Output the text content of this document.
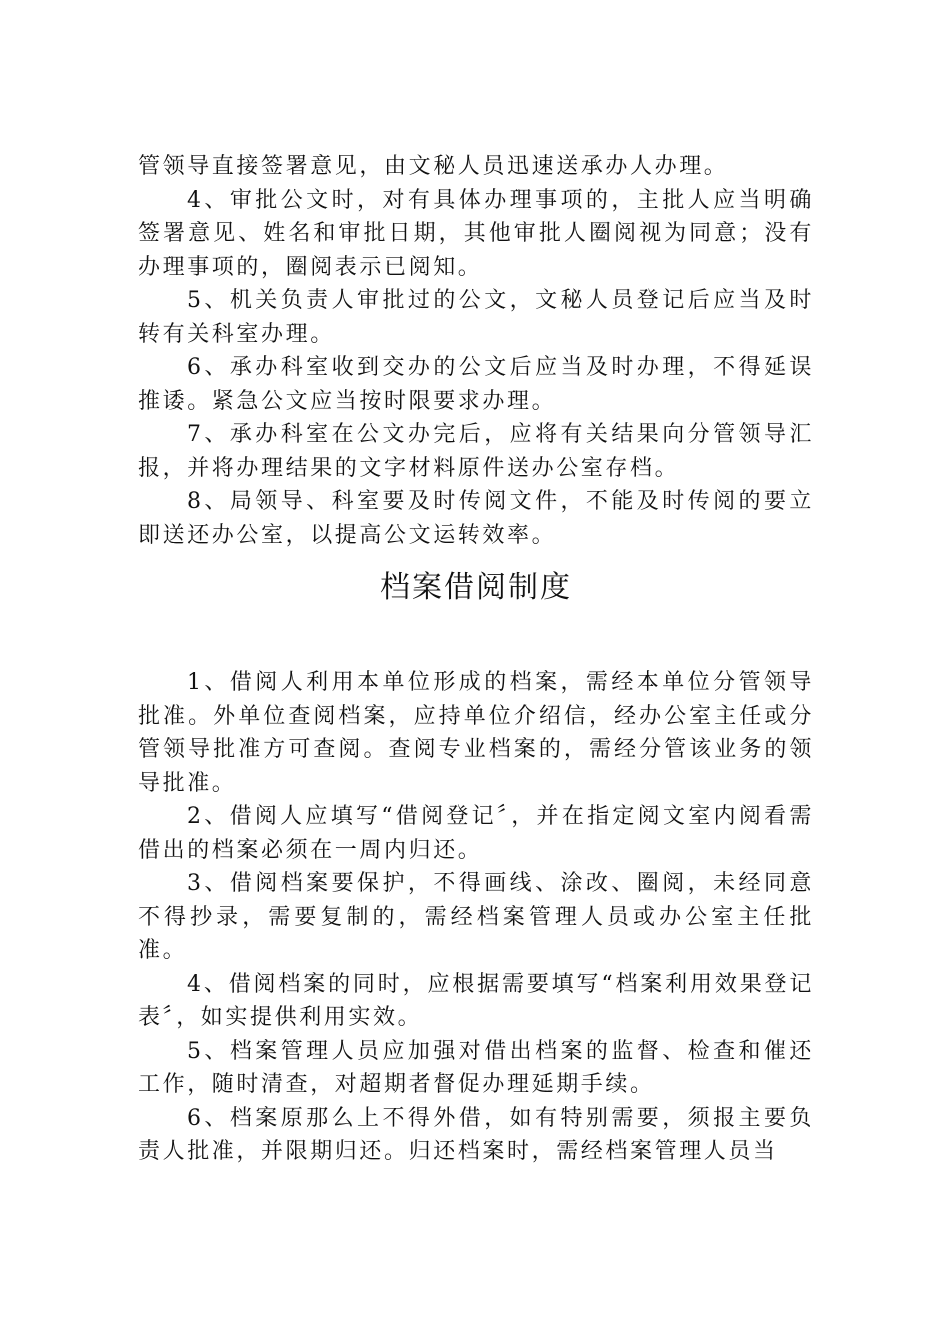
管领导直接签署意见，由文秘人员迅速送承办人办理。

4、审批公文时，对有具体办理事项的，主批人应当明确签署意见、姓名和审批日期，其他审批人圈阅视为同意；没有办理事项的，圈阅表示已阅知。

5、机关负责人审批过的公文，文秘人员登记后应当及时转有关科室办理。

6、承办科室收到交办的公文后应当及时办理，不得延误推诿。紧急公文应当按时限要求办理。

7、承办科室在公文办完后，应将有关结果向分管领导汇报，并将办理结果的文字材料原件送办公室存档。

8、局领导、科室要及时传阅文件，不能及时传阅的要立即送还办公室，以提高公文运转效率。

档案借阅制度

1、借阅人利用本单位形成的档案，需经本单位分管领导批准。外单位查阅档案，应持单位介绍信，经办公室主任或分管领导批准方可查阅。查阅专业档案的，需经分管该业务的领导批准。

2、借阅人应填写“借阅登记〞，并在指定阅文室内阅看需借出的档案必须在一周内归还。

3、借阅档案要保护，不得画线、涂改、圈阅，未经同意不得抄录，需要复制的，需经档案管理人员或办公室主任批准。

4、借阅档案的同时，应根据需要填写“档案利用效果登记表〞，如实提供利用实效。

5、档案管理人员应加强对借出档案的监督、检查和催还工作，随时清查，对超期者督促办理延期手续。

6、档案原那么上不得外借，如有特别需要，须报主要负责人批准，并限期归还。归还档案时，需经档案管理人员当
